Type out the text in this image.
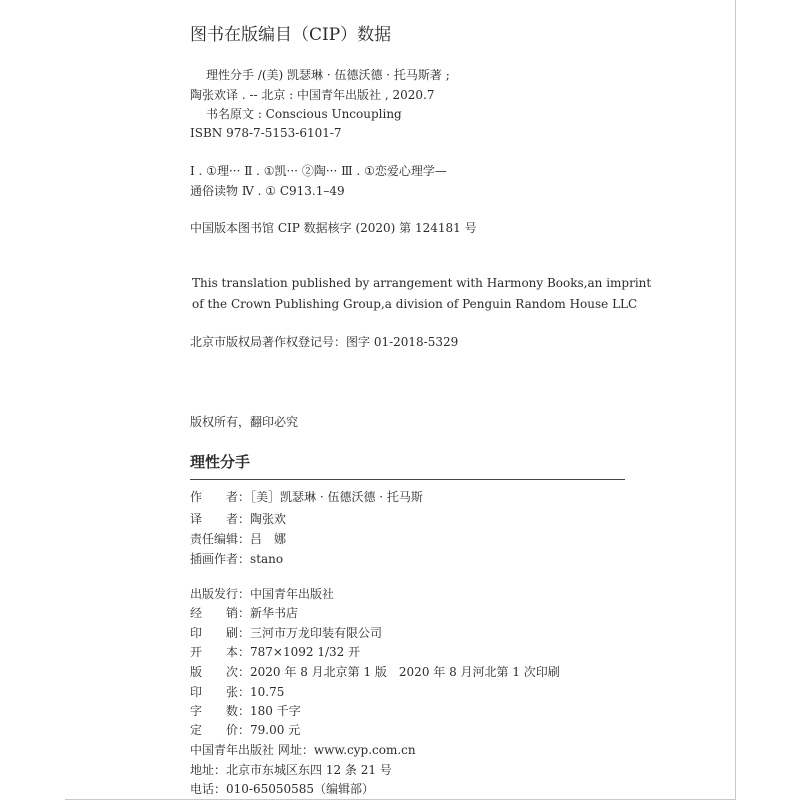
图书在版编目（CIP）数据
理性分手 /(美) 凯瑟琳 · 伍德沃德 · 托马斯著 ;
陶张欢译 . -- 北京 : 中国青年出版社 , 2020.7
书名原文 : Conscious Uncoupling
ISBN 978-7-5153-6101-7
Ⅰ . ①理··· Ⅱ . ①凯··· ②陶··· Ⅲ . ①恋爱心理学—
通俗读物 Ⅳ . ① C913.1–49
中国版本图书馆 CIP 数据核字 (2020) 第 124181 号
This translation published by arrangement with Harmony Books,an imprint
of the Crown Publishing Group,a division of Penguin Random House LLC
北京市版权局著作权登记号：图字 01-2018-5329
版权所有，翻印必究
理性分手
作　　者：［美］凯瑟琳 · 伍德沃德 · 托马斯
译　　者：陶张欢
责任编辑：吕　娜
插画作者：stano
出版发行：中国青年出版社
经　　销：新华书店
印　　刷：三河市万龙印装有限公司
开　　本：787×1092 1/32 开
版　　次：2020 年 8 月北京第 1 版　2020 年 8 月河北第 1 次印刷
印　　张：10.75
字　　数：180 千字
定　　价：79.00 元
中国青年出版社 网址：www.cyp.com.cn
地址：北京市东城区东四 12 条 21 号
电话：010-65050585（编辑部）
